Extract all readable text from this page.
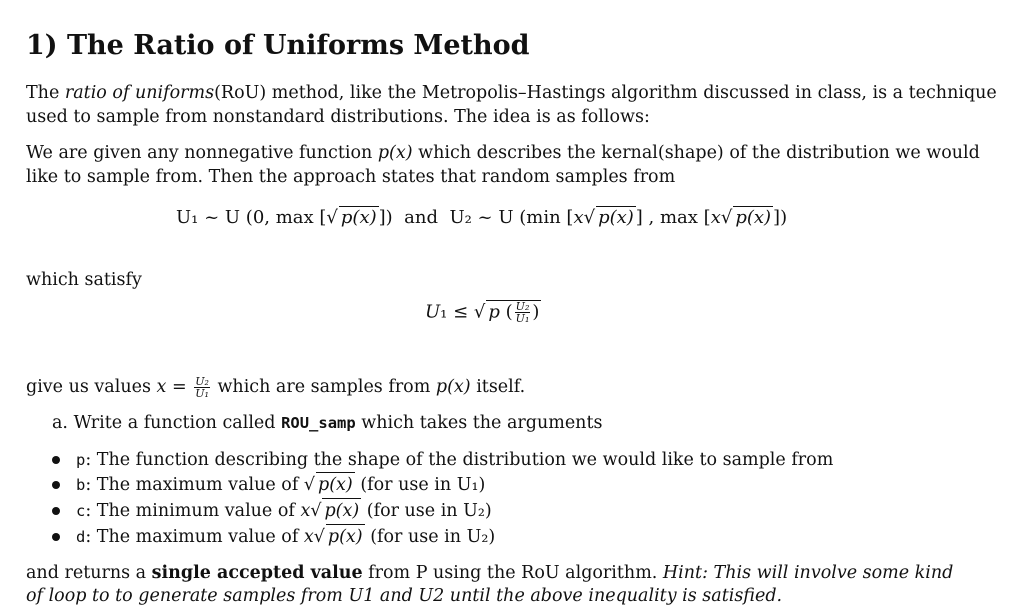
1) The Ratio of Uniforms Method
The ratio of uniforms(RoU) method, like the Metropolis–Hastings algorithm discussed in class, is a technique
used to sample from nonstandard distributions. The idea is as follows:
We are given any nonnegative function p(x) which describes the kernal(shape) of the distribution we would
like to sample from. Then the approach states that random samples from
U₁ ~ U (0, max [√ p(x) ]) and U₂ ~ U (min [x√ p(x) ] , max [x√ p(x) ])
which satisfy
U₁ ≤ √ p ( $\frac{\text{U₂}}{\text{U₁}}$ )
give us values $x = \frac{\text{U₂}}{\text{U₁}}$ which are samples from p(x) itself.
a. Write a function called ROU_samp which takes the arguments
p: The function describing the shape of the distribution we would like to sample from
b: The maximum value of √ p(x) (for use in U₁)
c: The minimum value of x√ p(x) (for use in U₂)
d: The maximum value of x√ p(x) (for use in U₂)
and returns a single accepted value from P using the RoU algorithm. Hint: This will involve some kind
of loop to to generate samples from U1 and U2 until the above inequality is satisfied.
